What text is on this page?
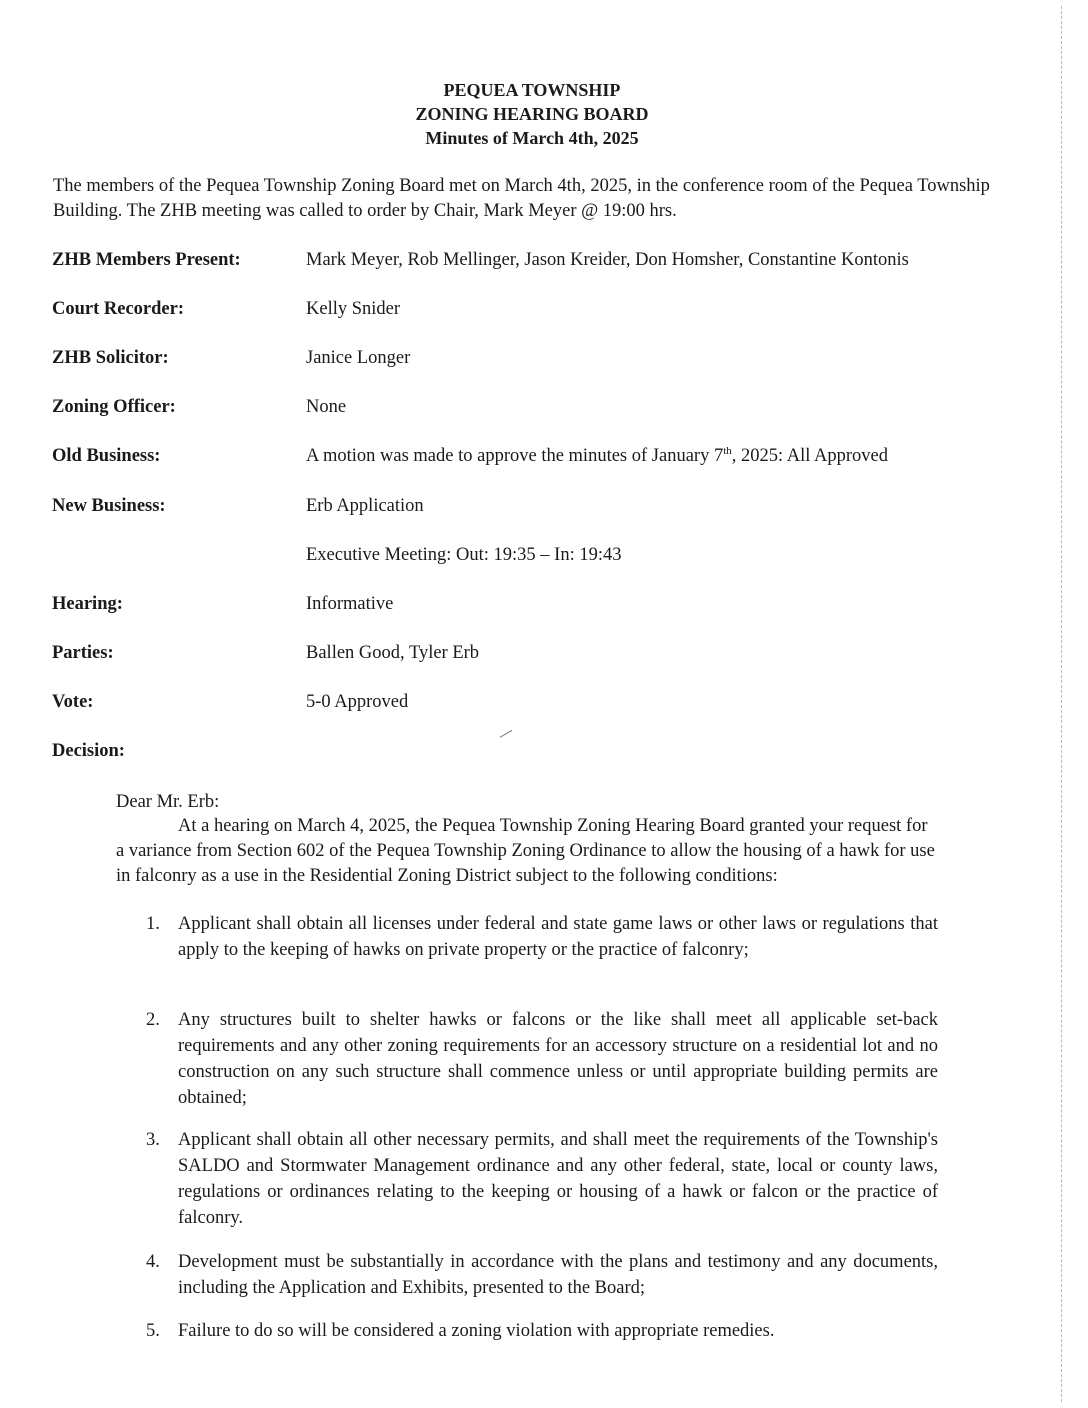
PEQUEA TOWNSHIP
ZONING HEARING BOARD
Minutes of March 4th, 2025
The members of the Pequea Township Zoning Board met on March 4th, 2025, in the conference room of the Pequea Township Building. The ZHB meeting was called to order by Chair, Mark Meyer @ 19:00 hrs.
ZHB Members Present:	Mark Meyer, Rob Mellinger, Jason Kreider, Don Homsher, Constantine Kontonis
Court Recorder:	Kelly Snider
ZHB Solicitor:	Janice Longer
Zoning Officer:	None
Old Business:	A motion was made to approve the minutes of January 7th, 2025: All Approved
New Business:	Erb Application
Executive Meeting: Out: 19:35 – In: 19:43
Hearing:	Informative
Parties:	Ballen Good, Tyler Erb
Vote:	5-0 Approved
Decision:
Dear Mr. Erb:
At a hearing on March 4, 2025, the Pequea Township Zoning Hearing Board granted your request for a variance from Section 602 of the Pequea Township Zoning Ordinance to allow the housing of a hawk for use in falconry as a use in the Residential Zoning District subject to the following conditions:
1. Applicant shall obtain all licenses under federal and state game laws or other laws or regulations that apply to the keeping of hawks on private property or the practice of falconry;
2. Any structures built to shelter hawks or falcons or the like shall meet all applicable set-back requirements and any other zoning requirements for an accessory structure on a residential lot and no construction on any such structure shall commence unless or until appropriate building permits are obtained;
3. Applicant shall obtain all other necessary permits, and shall meet the requirements of the Township's SALDO and Stormwater Management ordinance and any other federal, state, local or county laws, regulations or ordinances relating to the keeping or housing of a hawk or falcon or the practice of falconry.
4. Development must be substantially in accordance with the plans and testimony and any documents, including the Application and Exhibits, presented to the Board;
5. Failure to do so will be considered a zoning violation with appropriate remedies.
